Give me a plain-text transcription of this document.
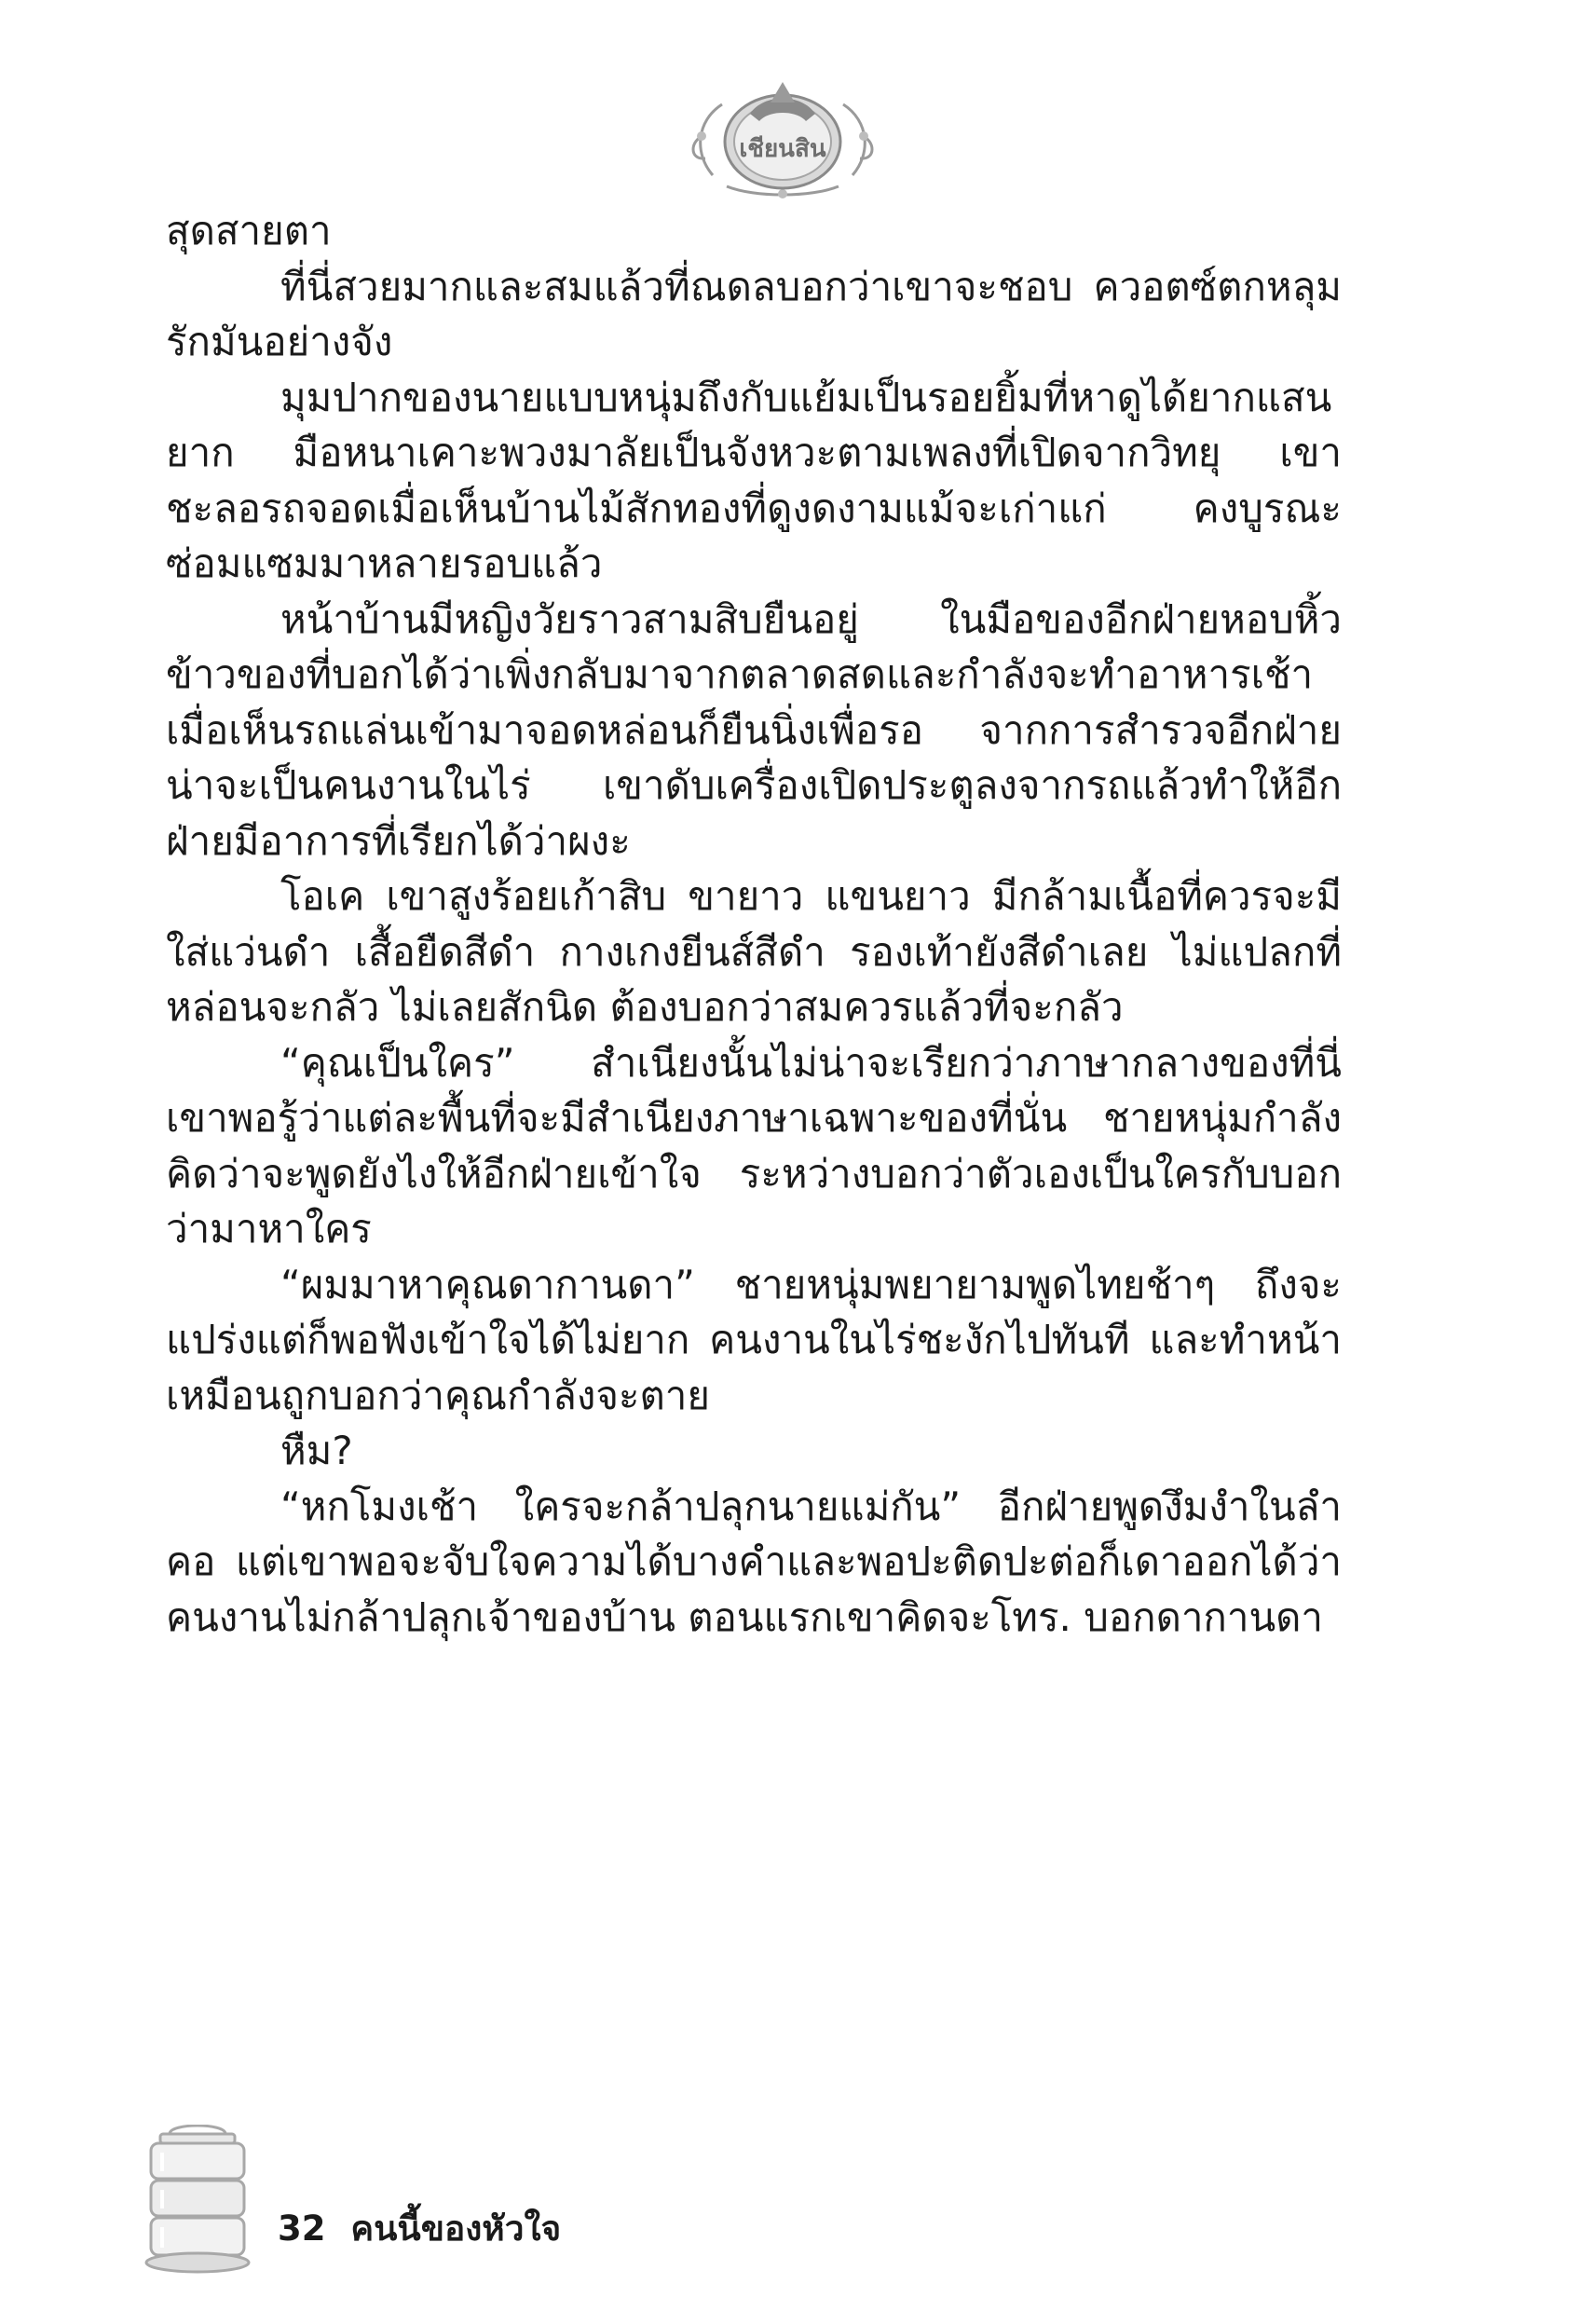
เชียนสิน

สุดสายตา

ที่นี่สวยมากและสมแล้วที่ณดลบอกว่าเขาจะชอบ ควอตซ์ตกหลุมรักมันอย่างจัง

มุมปากของนายแบบหนุ่มถึงกับแย้มเป็นรอยยิ้มที่หาดูได้ยากแสนยาก มือหนาเคาะพวงมาลัยเป็นจังหวะตามเพลงที่เปิดจากวิทยุ เขาชะลอรถจอดเมื่อเห็นบ้านไม้สักทองที่ดูงดงามแม้จะเก่าแก่ คงบูรณะซ่อมแซมมาหลายรอบแล้ว

หน้าบ้านมีหญิงวัยราวสามสิบยืนอยู่ ในมือของอีกฝ่ายหอบหิ้วข้าวของที่บอกได้ว่าเพิ่งกลับมาจากตลาดสดและกำลังจะทำอาหารเช้า เมื่อเห็นรถแล่นเข้ามาจอดหล่อนก็ยืนนิ่งเพื่อรอ จากการสำรวจอีกฝ่ายน่าจะเป็นคนงานในไร่ เขาดับเครื่องเปิดประตูลงจากรถแล้วทำให้อีกฝ่ายมีอาการที่เรียกได้ว่าผงะ

โอเค เขาสูงร้อยเก้าสิบ ขายาว แขนยาว มีกล้ามเนื้อที่ควรจะมี ใส่แว่นดำ เสื้อยืดสีดำ กางเกงยีนส์สีดำ รองเท้ายังสีดำเลย ไม่แปลกที่หล่อนจะกลัว ไม่เลยสักนิด ต้องบอกว่าสมควรแล้วที่จะกลัว

“คุณเป็นใคร” สำเนียงนั้นไม่น่าจะเรียกว่าภาษากลางของที่นี่ เขาพอรู้ว่าแต่ละพื้นที่จะมีสำเนียงภาษาเฉพาะของที่นั่น ชายหนุ่มกำลังคิดว่าจะพูดยังไงให้อีกฝ่ายเข้าใจ ระหว่างบอกว่าตัวเองเป็นใครกับบอกว่ามาหาใคร

“ผมมาหาคุณดากานดา” ชายหนุ่มพยายามพูดไทยช้าๆ ถึงจะแปร่งแต่ก็พอฟังเข้าใจได้ไม่ยาก คนงานในไร่ชะงักไปทันที และทำหน้าเหมือนถูกบอกว่าคุณกำลังจะตาย

หืม?

“หกโมงเช้า ใครจะกล้าปลุกนายแม่กัน” อีกฝ่ายพูดงึมงำในลำคอ แต่เขาพอจะจับใจความได้บางคำและพอปะติดปะต่อก็เดาออกได้ว่าคนงานไม่กล้าปลุกเจ้าของบ้าน ตอนแรกเขาคิดจะโทร. บอกดากานดา

32 คนนี้ของหัวใจ
